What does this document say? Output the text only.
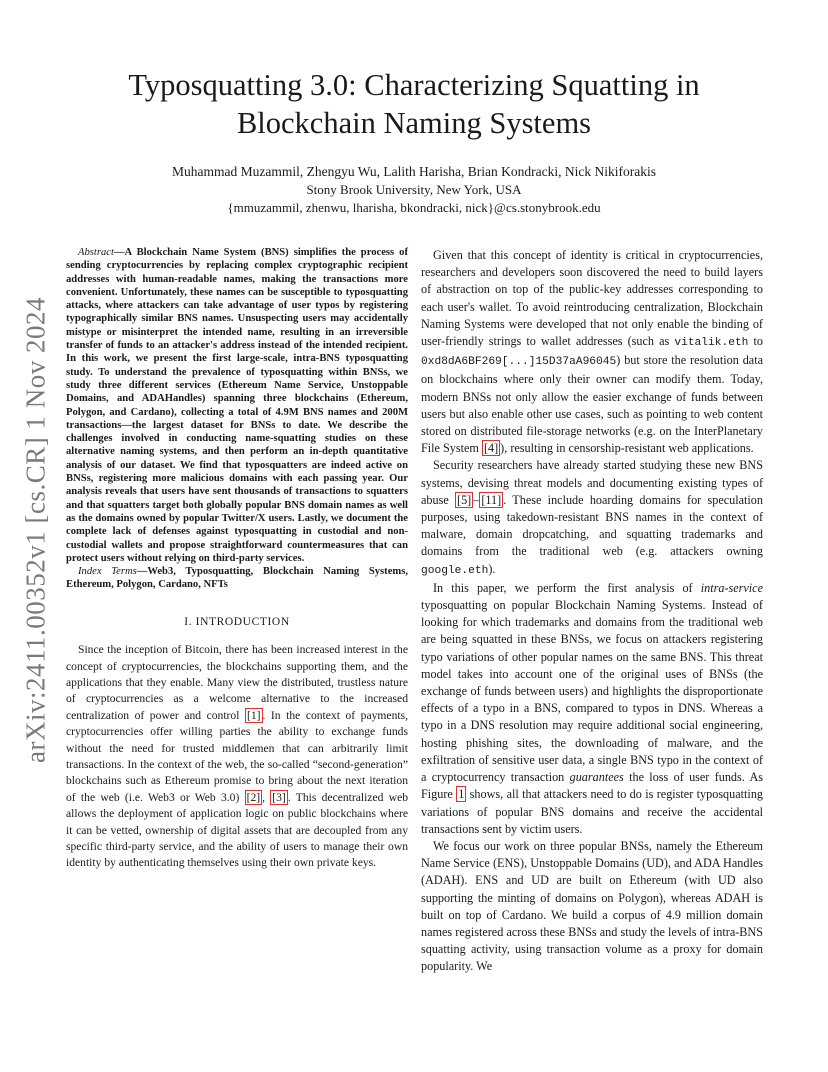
arXiv:2411.00352v1 [cs.CR] 1 Nov 2024
Typosquatting 3.0: Characterizing Squatting in
Blockchain Naming Systems
Muhammad Muzammil, Zhengyu Wu, Lalith Harisha, Brian Kondracki, Nick Nikiforakis
Stony Brook University, New York, USA
{mmuzammil, zhenwu, lharisha, bkondracki, nick}@cs.stonybrook.edu

Abstract—A Blockchain Name System (BNS) simplifies the process of sending cryptocurrencies by replacing complex cryptographic recipient addresses with human-readable names, making the transactions more convenient. Unfortunately, these names can be susceptible to typosquatting attacks, where attackers can take advantage of user typos by registering typographically similar BNS names. Unsuspecting users may accidentally mistype or misinterpret the intended name, resulting in an irreversible transfer of funds to an attacker's address instead of the intended recipient. In this work, we present the first large-scale, intra-BNS typosquatting study. To understand the prevalence of typosquatting within BNSs, we study three different services (Ethereum Name Service, Unstoppable Domains, and ADAHandles) spanning three blockchains (Ethereum, Polygon, and Cardano), collecting a total of 4.9M BNS names and 200M transactions—the largest dataset for BNSs to date. We describe the challenges involved in conducting name-squatting studies on these alternative naming systems, and then perform an in-depth quantitative analysis of our dataset. We find that typosquatters are indeed active on BNSs, registering more malicious domains with each passing year. Our analysis reveals that users have sent thousands of transactions to squatters and that squatters target both globally popular BNS domain names as well as the domains owned by popular Twitter/X users. Lastly, we document the complete lack of defenses against typosquatting in custodial and non-custodial wallets and propose straightforward countermeasures that can protect users without relying on third-party services.

Index Terms—Web3, Typosquatting, Blockchain Naming Systems, Ethereum, Polygon, Cardano, NFTs

I. INTRODUCTION

Since the inception of Bitcoin, there has been increased interest in the concept of cryptocurrencies, the blockchains supporting them, and the applications that they enable. Many view the distributed, trustless nature of cryptocurrencies as a welcome alternative to the increased centralization of power and control [1] . In the context of payments, cryptocurrencies offer willing parties the ability to exchange funds without the need for trusted middlemen that can arbitrarily limit transactions. In the context of the web, the so-called “second-generation” blockchains such as Ethereum promise to bring about the next iteration of the web (i.e. Web3 or Web 3.0) [2] , [3] . This decentralized web allows the deployment of application logic on public blockchains where it can be vetted, ownership of digital assets that are decoupled from any specific third-party service, and the ability of users to manage their own identity by authenticating themselves using their own private keys.

Given that this concept of identity is critical in cryptocurrencies, researchers and developers soon discovered the need to build layers of abstraction on top of the public-key addresses corresponding to each user's wallet. To avoid reintroducing centralization, Blockchain Naming Systems were developed that not only enable the binding of user-friendly strings to wallet addresses (such as vitalik.eth to 0xd8dA6BF269[...]15D37aA96045) but store the resolution data on blockchains where only their owner can modify them. Today, modern BNSs not only allow the easier exchange of funds between users but also enable other use cases, such as pointing to web content stored on distributed file-storage networks (e.g. on the InterPlanetary File System [4] ), resulting in censorship-resistant web applications.

Security researchers have already started studying these new BNS systems, devising threat models and documenting existing types of abuse [5] – [11] . These include hoarding domains for speculation purposes, using takedown-resistant BNS names in the context of malware, domain dropcatching, and squatting trademarks and domains from the traditional web (e.g. attackers owning google.eth).

In this paper, we perform the first analysis of intra-service typosquatting on popular Blockchain Naming Systems. Instead of looking for which trademarks and domains from the traditional web are being squatted in these BNSs, we focus on attackers registering typo variations of other popular names on the same BNS. This threat model takes into account one of the original uses of BNSs (the exchange of funds between users) and highlights the disproportionate effects of a typo in a BNS, compared to typos in DNS. Whereas a typo in a DNS resolution may require additional social engineering, hosting phishing sites, the downloading of malware, and the exfiltration of sensitive user data, a single BNS typo in the context of a cryptocurrency transaction guarantees the loss of user funds. As Figure 1 shows, all that attackers need to do is register typosquatting variations of popular BNS domains and receive the accidental transactions sent by victim users.

We focus our work on three popular BNSs, namely the Ethereum Name Service (ENS), Unstoppable Domains (UD), and ADA Handles (ADAH). ENS and UD are built on Ethereum (with UD also supporting the minting of domains on Polygon), whereas ADAH is built on top of Cardano. We build a corpus of 4.9 million domain names registered across these BNSs and study the levels of intra-BNS squatting activity, using transaction volume as a proxy for domain popularity. We
